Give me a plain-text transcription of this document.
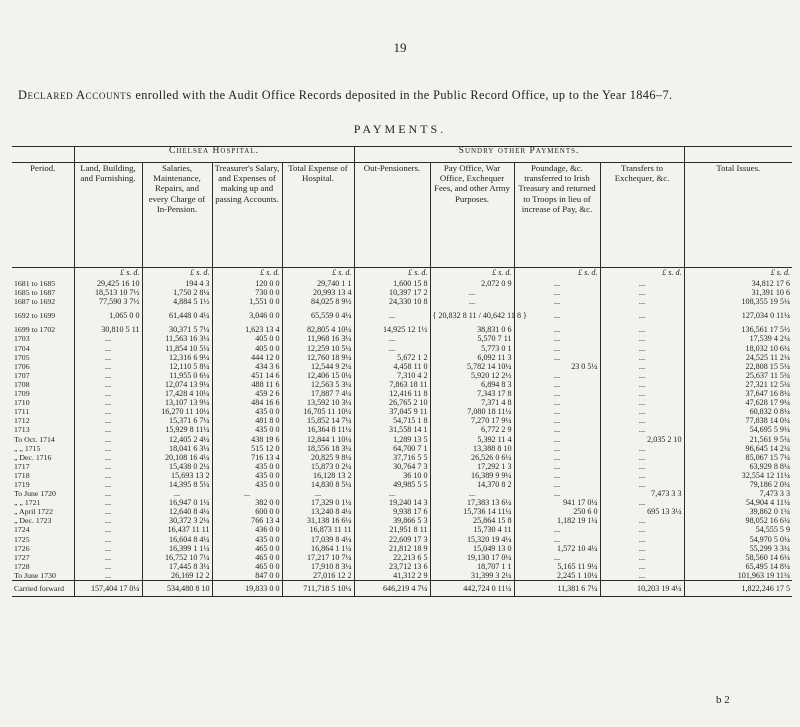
19
Declared Accounts enrolled with the Audit Office Records deposited in the Public Record Office, up to the Year 1846–7.
PAYMENTS.
	Chelsea Hospital.				Sundry other Payments.				
Period.	Land, Building, and Furnishing.	Salaries, Maintenance, Repairs, and every Charge of In-Pension.	Treasurer's Salary, and Expenses of making up and passing Accounts.	Total Expense of Hospital.	Out-Pensioners.	Pay Office, War Office, Exchequer Fees, and other Army Purposes.	Poundage, &c. transferred to Irish Treasury and returned to Troops in lieu of increase of Pay, &c.	Transfers to Exchequer, &c.	Total Issues.
	£ s. d.	£ s. d.	£ s. d.	£ s. d.	£ s. d.	£ s. d.	£ s. d.	£ s. d.	£ s. d.
1681 to 1685	29,425 16 10	194 4 3	120 0 0	29,740 1 1	1,600 15 8	2,072 0 9	...	...	34,812 17 6
1685 to 1687	18,513 10 7½	1,750 2 8¼	730 0 0	20,993 13 4	10,397 17 2	...	...	...	31,391 10 6
1687 to 1692	77,590 3 7½	4,884 5 1½	1,551 0 0	84,025 8 9½	24,330 10 8	...	...	...	108,355 19 5¼

1692 to 1699	1,065 0 0	61,448 0 4¼	3,046 0 0	65,559 0 4¼	...	{ 20,832 8 11 / 40,642 11 8 }	...	...	127,034 0 11¼

1699 to 1702	30,810 5 11	30,371 5 7¼	1,623 13 4	82,805 4 10¼	14,925 12 1½	38,831 0 6	...	...	136,561 17 5½
1703	...	11,563 16 3¼	405 0 0	11,968 16 3¼	...	5,570 7 11	...	...	17,539 4 2¼
1704	...	11,854 10 5¼	405 0 0	12,259 10 5¼	...	5,773 0 1	...	...	18,032 10 6¼
1705	...	12,316 6 9¼	444 12 0	12,760 18 9¼	5,672 1 2	6,092 11 3	...	...	24,525 11 2¼
1706	...	12,110 5 8¼	434 3 6	12,544 9 2¼	4,458 11 0	5,782 14 10¼	23 0 5¼	...	22,808 15 5¼
1707	...	11,955 0 6¼	451 14 6	12,406 15 0¼	7,310 4 2	5,920 12 2½	...	...	25,637 11 5¼
1708	...	12,074 13 9¼	488 11 6	12,563 5 3¼	7,863 18 11	6,894 8 3	...	...	27,321 12 5¼
1709	...	17,428 4 10¼	459 2 6	17,887 7 4¼	12,416 11 8	7,343 17 8	...	...	37,647 16 8¼
1710	...	13,107 13 9¼	484 16 6	13,592 10 3¼	26,765 2 10	7,371 4 8	...	...	47,628 17 9¼
1711	...	16,270 11 10¼	435 0 0	16,705 11 10¼	37,045 9 11	7,080 18 11¼	...	...	60,832 0 8¼
1712	...	15,371 6 7¼	481 8 0	15,852 14 7¼	54,715 1 8	7,270 17 9¼	...	...	77,838 14 0¼
1713	...	15,929 8 11¼	435 0 0	16,364 8 11¼	31,558 14 1	6,772 2 9	...	...	54,695 5 9¼
To Oct. 1714	...	12,405 2 4¼	438 19 6	12,844 1 10¼	1,289 13 5	5,392 11 4	...	2,035 2 10	21,561 9 5¼
„ „ 1715	...	18,041 6 3¼	515 12 0	18,556 18 3¼	64,700 7 1	13,388 8 10	...	...	96,645 14 2¼
„ Dec. 1716	...	20,108 16 4¼	716 13 4	20,825 9 8¼	37,716 5 5	26,526 0 6¼	...	...	85,067 15 7¼
1717	...	15,438 0 2¼	435 0 0	15,873 0 2¼	30,764 7 3	17,292 1 3	...	...	63,929 8 8¼
1718	...	15,693 13 2	435 0 0	16,128 13 2	36 10 0	16,389 9 9¼	...	...	32,554 12 11¼
1719	...	14,395 8 5¼	435 0 0	14,830 8 5¼	49,985 5 5	14,370 8 2	...	...	79,186 2 0¼
To June 1720	...	...	...	...	...	...	...	7,473 3 3	7,473 3 3
„ „ 1721	...	16,947 0 1¼	382 0 0	17,329 0 1¼	19,240 14 3	17,383 13 6¼	941 17 0¼	...	54,904 4 11¼
„ April 1722	...	12,640 8 4¼	600 0 0	13,240 8 4¼	9,938 17 6	15,736 14 11¼	250 6 0	695 13 3¼	39,862 0 1¼
„ Dec. 1723	...	30,372 3 2¼	766 13 4	31,138 16 6¼	39,866 5 3	25,864 15 8	1,182 19 1¼	...	98,052 16 6¼
1724	...	16,437 11 11	436 0 0	16,873 11 11	21,951 8 11	15,730 4 11	...	...	54,555 5 9
1725	...	16,604 8 4¼	435 0 0	17,039 8 4¼	22,609 17 3	15,320 19 4¼	...	...	54,970 5 0¼
1726	...	16,399 1 1¼	465 0 0	16,864 1 1¼	21,812 18 9	15,049 13 0	1,572 10 4¼	...	55,299 3 3¼
1727	...	16,752 10 7¼	465 0 0	17,217 10 7¼	22,213 6 5	19,130 17 0¼	...	...	58,560 14 6¼
1728	...	17,445 8 3¼	465 0 0	17,910 8 3¼	23,712 13 6	18,707 1 1	5,165 11 9¼	...	65,495 14 8¼
To June 1730	...	26,169 12 2	847 0 0	27,016 12 2	41,312 2 9	31,399 3 2¼	2,245 1 10¼	...	101,963 19 11¼
Carried forward	157,404 17 0¼	534,480 8 10	19,833 0 0	711,718 5 10¼	646,219 4 7¼	442,724 0 11¼	11,381 6 7¼	10,203 19 4¼	1,822,246 17 5
b 2
